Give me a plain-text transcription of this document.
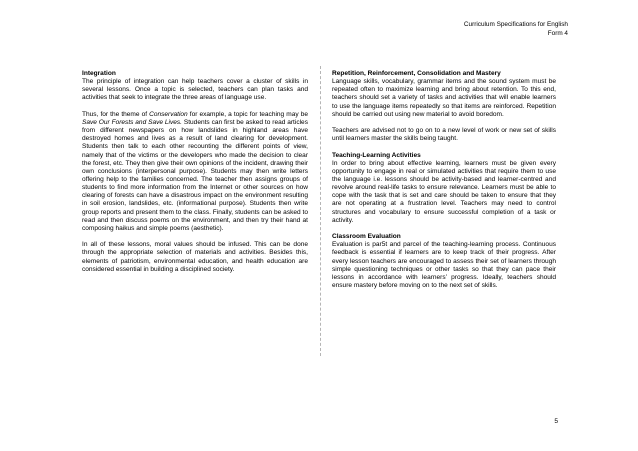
Curriculum Specifications for English
Form 4
Integration

The principle of integration can help teachers cover a cluster of skills in several lessons. Once a topic is selected, teachers can plan tasks and activities that seek to integrate the three areas of language use.

Thus, for the theme of Conservation for example, a topic for teaching may be Save Our Forests and Save Lives. Students can first be asked to read articles from different newspapers on how landslides in highland areas have destroyed homes and lives as a result of land clearing for development. Students then talk to each other recounting the different points of view, namely that of the victims or the developers who made the decision to clear the forest, etc. They then give their own opinions of the incident, drawing their own conclusions (interpersonal purpose). Students may then write letters offering help to the families concerned. The teacher then assigns groups of students to find more information from the Internet or other sources on how clearing of forests can have a disastrous impact on the environment resulting in soil erosion, landslides, etc. (informational purpose). Students then write group reports and present them to the class. Finally, students can be asked to read and then discuss poems on the environment, and then try their hand at composing haikus and simple poems (aesthetic).

In all of these lessons, moral values should be infused. This can be done through the appropriate selection of materials and activities. Besides this, elements of patriotism, environmental education, and health education are considered essential in building a disciplined society.

Repetition, Reinforcement, Consolidation and Mastery

Language skills, vocabulary, grammar items and the sound system must be repeated often to maximize learning and bring about retention. To this end, teachers should set a variety of tasks and activities that will enable learners to use the language items repeatedly so that items are reinforced. Repetition should be carried out using new material to avoid boredom.

Teachers are advised not to go on to a new level of work or new set of skills until learners master the skills being taught.

Teaching-Learning Activities

In order to bring about effective learning, learners must be given every opportunity to engage in real or simulated activities that require them to use the language i.e. lessons should be activity-based and learner-centred and revolve around real-life tasks to ensure relevance. Learners must be able to cope with the task that is set and care should be taken to ensure that they are not operating at a frustration level. Teachers may need to control structures and vocabulary to ensure successful completion of a task or activity.

Classroom Evaluation

Evaluation is par5t and parcel of the teaching-learning process. Continuous feedback is essential if learners are to keep track of their progress. After every lesson teachers are encouraged to assess their set of learners through simple questioning techniques or other tasks so that they can pace their lessons in accordance with learners’ progress. Ideally, teachers should ensure mastery before moving on to the next set of skills.

5
